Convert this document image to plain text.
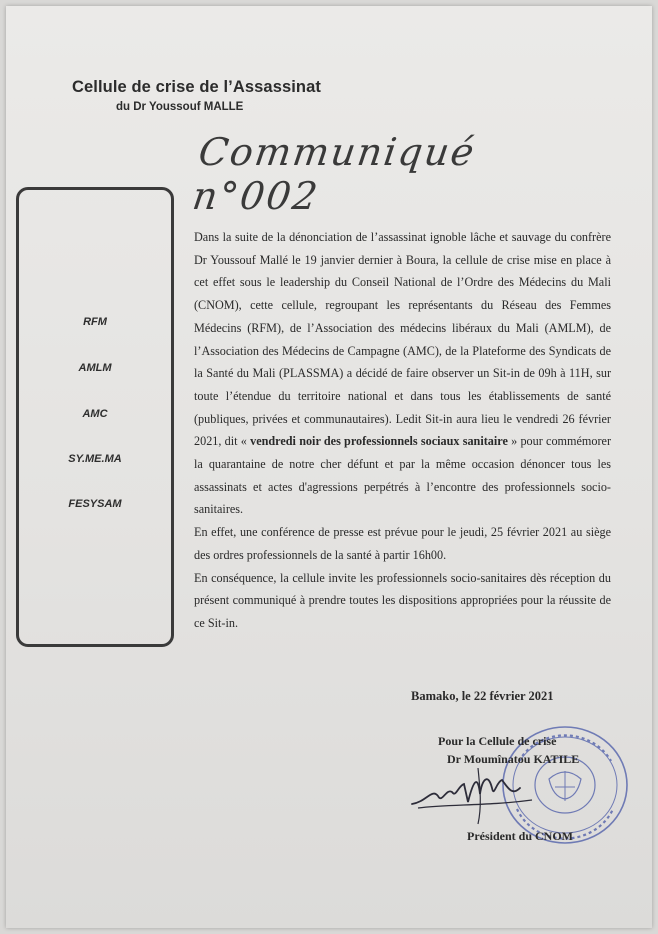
Cellule de crise de l’Assassinat
du Dr Youssouf MALLE
Communiqué n°002
RFM
AMLM
AMC
SY.ME.MA
FESYSAM

Dans la suite de la dénonciation de l’assassinat ignoble lâche et sauvage du confrère Dr Youssouf Mallé le 19 janvier dernier à Boura, la cellule de crise mise en place à cet effet sous le leadership du Conseil National de l’Ordre des Médecins du Mali (CNOM), cette cellule, regroupant les représentants du Réseau des Femmes Médecins (RFM), de l’Association des médecins libéraux du Mali (AMLM), de l’Association des Médecins de Campagne (AMC), de la Plateforme des Syndicats de la Santé du Mali (PLASSMA) a décidé de faire observer un Sit-in de 09h à 11H, sur toute l’étendue du territoire national et dans tous les établissements de santé (publiques, privées et communautaires). Ledit Sit-in aura lieu le vendredi 26 février 2021, dit « vendredi noir des professionnels sociaux sanitaire » pour commémorer la quarantaine de notre cher défunt et par la même occasion dénoncer tous les assassinats et actes d'agressions perpétrés à l’encontre des professionnels socio-sanitaires.

En effet, une conférence de presse est prévue pour le jeudi, 25 février 2021 au siège des ordres professionnels de la santé à partir 16h00.

En conséquence, la cellule invite les professionnels socio-sanitaires dès réception du présent communiqué à prendre toutes les dispositions appropriées pour la réussite de ce Sit-in.

Bamako, le 22 février 2021
Pour la Cellule de crise
Dr Moumînatou KATILE
Président du CNOM
